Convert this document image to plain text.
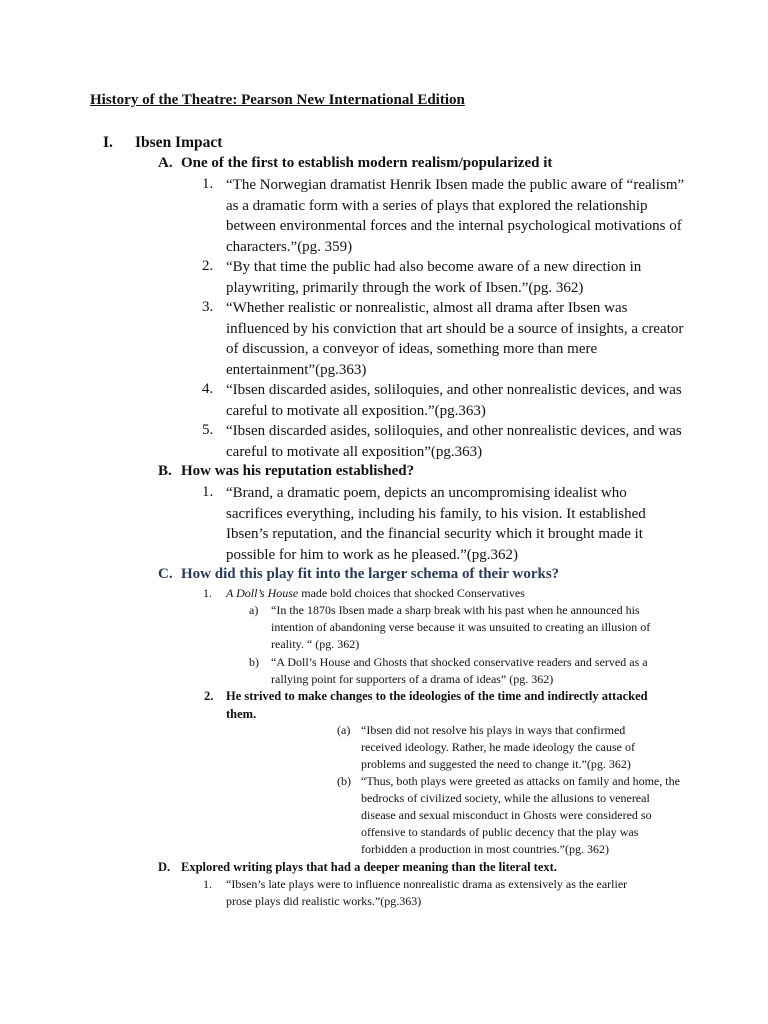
History of the Theatre: Pearson New International Edition
I. Ibsen Impact
A. One of the first to establish modern realism/popularized it
1. “The Norwegian dramatist Henrik Ibsen made the public aware of “realism” as a dramatic form with a series of plays that explored the relationship between environmental forces and the internal psychological motivations of characters.”(pg. 359)
2. “By that time the public had also become aware of a new direction in playwriting, primarily through the work of Ibsen.”(pg. 362)
3. “Whether realistic or nonrealistic, almost all drama after Ibsen was influenced by his conviction that art should be a source of insights, a creator of discussion, a conveyor of ideas, something more than mere entertainment”(pg.363)
4. “Ibsen discarded asides, soliloquies, and other nonrealistic devices, and was careful to motivate all exposition.”(pg.363)
5. “Ibsen discarded asides, soliloquies, and other nonrealistic devices, and was careful to motivate all exposition”(pg.363)
B. How was his reputation established?
1. “Brand, a dramatic poem, depicts an uncompromising idealist who sacrifices everything, including his family, to his vision. It established Ibsen’s reputation, and the financial security which it brought made it possible for him to work as he pleased.”(pg.362)
C. How did this play fit into the larger schema of their works?
1. A Doll’s House made bold choices that shocked Conservatives
a) “In the 1870s Ibsen made a sharp break with his past when he announced his intention of abandoning verse because it was unsuited to creating an illusion of reality. “ (pg. 362)
b) “A Doll’s House and Ghosts that shocked conservative readers and served as a rallying point for supporters of a drama of ideas” (pg. 362)
2. He strived to make changes to the ideologies of the time and indirectly attacked them.
(a) “Ibsen did not resolve his plays in ways that confirmed received ideology. Rather, he made ideology the cause of problems and suggested the need to change it.”(pg. 362)
(b) “Thus, both plays were greeted as attacks on family and home, the bedrocks of civilized society, while the allusions to venereal disease and sexual misconduct in Ghosts were considered so offensive to standards of public decency that the play was forbidden a production in most countries.”(pg. 362)
D. Explored writing plays that had a deeper meaning than the literal text.
1. “Ibsen’s late plays were to influence nonrealistic drama as extensively as the earlier prose plays did realistic works.”(pg.363)
